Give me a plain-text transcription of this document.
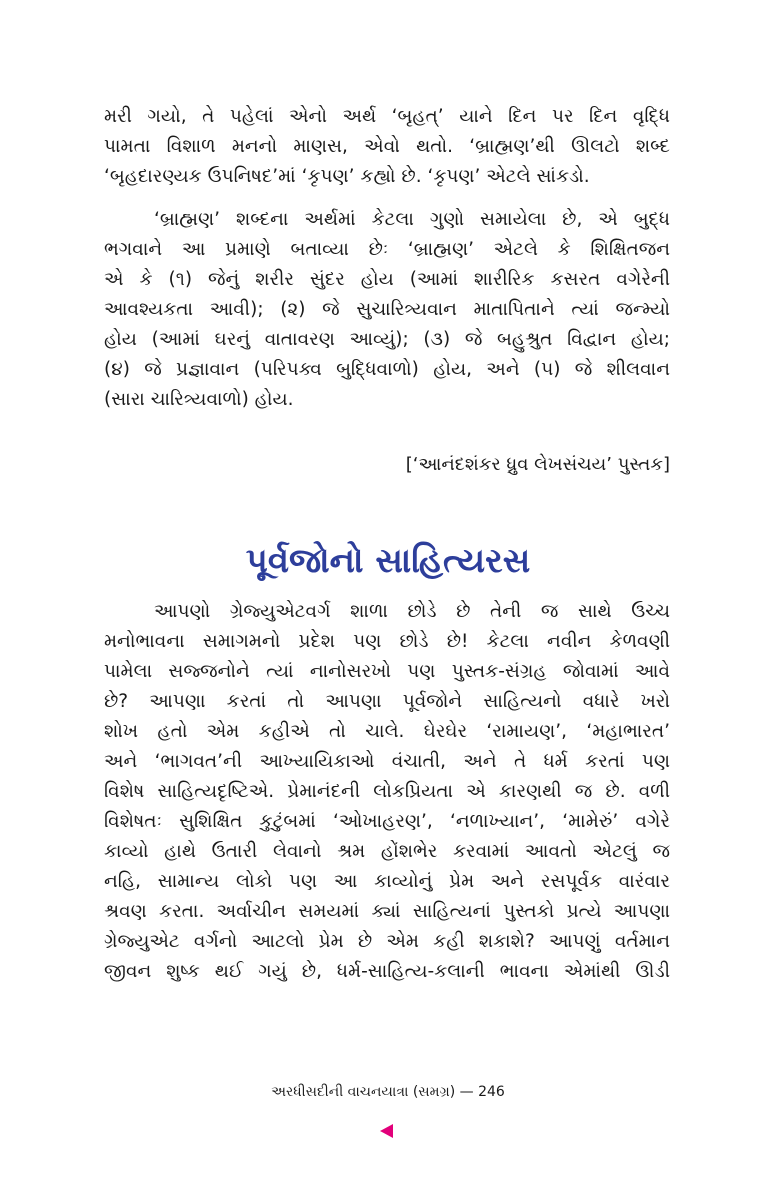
મરી ગયો, તે પહેલાં એનો અર્થ ‘બૃહત્’ યાને દિન પર દિન વૃદ્ધિ
પામતા વિશાળ મનનો માણસ, એવો થતો. ‘બ્રાહ્મણ’થી ઊલટો શબ્દ
‘બૃહદારણ્યક ઉપનિષદ’માં ‘કૃપણ’ કહ્યો છે. ‘કૃપણ’ એટલે સાંકડો.
‘બ્રાહ્મણ’ શબ્દના અર્થમાં કેટલા ગુણો સમાયેલા છે, એ બુદ્ધ
ભગવાને આ પ્રમાણે બતાવ્યા છેઃ ‘બ્રાહ્મણ’ એટલે કે શિક્ષિતજન
એ કે (૧) જેનું શરીર સુંદર હોય (આમાં શારીરિક કસરત વગેરેની
આવશ્યકતા આવી); (૨) જે સુચારિત્ર્યવાન માતાપિતાને ત્યાં જન્મ્યો
હોય (આમાં ઘરનું વાતાવરણ આવ્યું); (૩) જે બહુશ્રુત વિદ્વાન હોય;
(૪) જે પ્રજ્ઞાવાન (પરિપક્વ બુદ્ધિવાળો) હોય, અને (૫) જે શીલવાન
(સારા ચારિત્ર્યવાળો) હોય.
[‘આનંદશંકર ધ્રુવ લેખસંચય’ પુસ્તક]
પૂર્વજોનો સાહિત્યરસ
આપણો ગ્રેજ્યુએટવર્ગ શાળા છોડે છે તેની જ સાથે ઉચ્ચ
મનોભાવના સમાગમનો પ્રદેશ પણ છોડે છે! કેટલા નવીન કેળવણી
પામેલા સજ્જનોને ત્યાં નાનોસરખો પણ પુસ્તક-સંગ્રહ જોવામાં આવે
છે? આપણા કરતાં તો આપણા પૂર્વજોને સાહિત્યનો વધારે ખરો
શોખ હતો એમ કહીએ તો ચાલે. ઘેરઘેર ‘રામાયણ’, ‘મહાભારત’
અને ‘ભાગવત’ની આખ્યાયિકાઓ વંચાતી, અને તે ધર્મ કરતાં પણ
વિશેષ સાહિત્યદૃષ્ટિએ. પ્રેમાનંદની લોકપ્રિયતા એ કારણથી જ છે. વળી
વિશેષતઃ સુશિક્ષિત કુટુંબમાં ‘ઓખાહરણ’, ‘નળાખ્યાન’, ‘મામેરું’ વગેરે
કાવ્યો હાથે ઉતારી લેવાનો શ્રમ હોંશભેર કરવામાં આવતો એટલું જ
નહિ, સામાન્ય લોકો પણ આ કાવ્યોનું પ્રેમ અને રસપૂર્વક વારંવાર
શ્રવણ કરતા. અર્વાચીન સમયમાં ક્યાં સાહિત્યનાં પુસ્તકો પ્રત્યે આપણા
ગ્રેજ્યુએટ વર્ગનો આટલો પ્રેમ છે એમ કહી શકાશે? આપણું વર્તમાન
જીવન શુષ્ક થઈ ગયું છે, ધર્મ-સાહિત્ય-કલાની ભાવના એમાંથી ઊડી
અરધીસદીની વાચનયાત્રા (સમગ્ર) — 246
